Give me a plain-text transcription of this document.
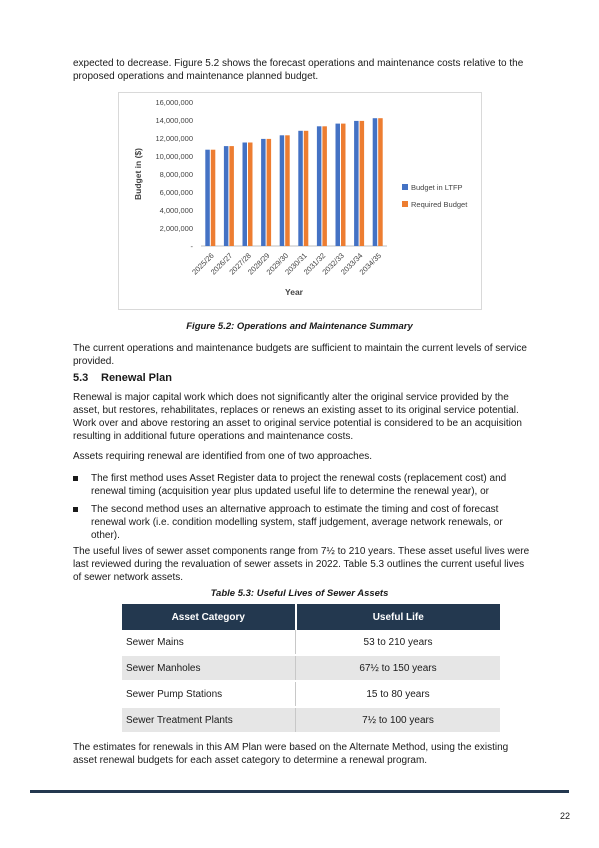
expected to decrease. Figure 5.2 shows the forecast operations and maintenance costs relative to the proposed operations and maintenance planned budget.

-
2,000,000
4,000,000
6,000,000
8,000,000
10,000,000
12,000,000
14,000,000
16,000,000
2025/26
2026/27
2027/28
2028/29
2029/30
2030/31
2031/32
2032/33
2033/34
2034/35
Year
Budget in ($)	Budget in LTFP
Required Budget
Figure 5.2: Operations and Maintenance Summary

The current operations and maintenance budgets are sufficient to maintain the current levels of service provided.

5.3 Renewal Plan

Renewal is major capital work which does not significantly alter the original service provided by the asset, but restores, rehabilitates, replaces or renews an existing asset to its original service potential. Work over and above restoring an asset to original service potential is considered to be an acquisition resulting in additional future operations and maintenance costs.

Assets requiring renewal are identified from one of two approaches.

The first method uses Asset Register data to project the renewal costs (replacement cost) and renewal timing (acquisition year plus updated useful life to determine the renewal year), or
The second method uses an alternative approach to estimate the timing and cost of forecast renewal work (i.e. condition modelling system, staff judgement, average network renewals, or other).

The useful lives of sewer asset components range from 7½ to 210 years. These asset useful lives were last reviewed during the revaluation of sewer assets in 2022. Table 5.3 outlines the current useful lives of sewer network assets.

Table 5.3: Useful Lives of Sewer Assets
Asset Category	Useful Life
Sewer Mains	53 to 210 years
Sewer Manholes	67½ to 150 years
Sewer Pump Stations	15 to 80 years
Sewer Treatment Plants	7½ to 100 years

The estimates for renewals in this AM Plan were based on the Alternate Method, using the existing asset renewal budgets for each asset category to determine a renewal program.

22
